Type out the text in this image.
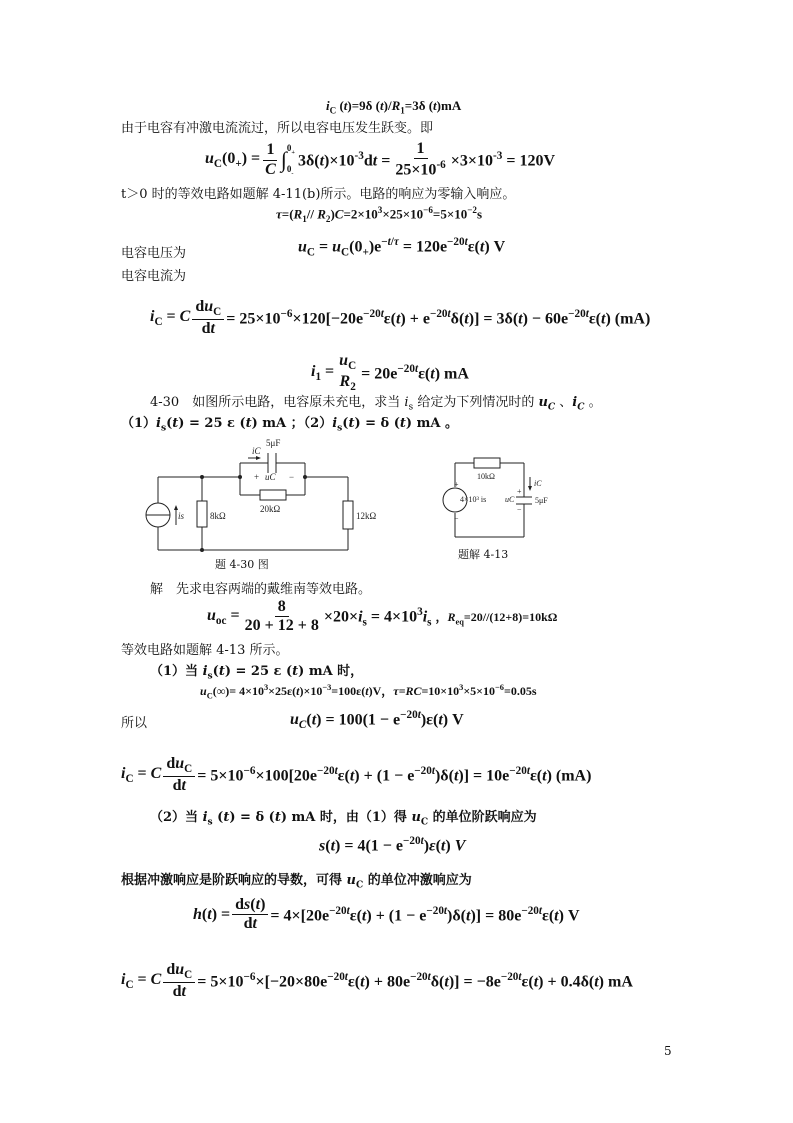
$i_C$ (t)=9δ $(t)/R_1=3\delta$ (t)mA
由于电容有冲激电流流过，所以电容电压发生跃变。即
$u_C(0_+) = \frac{1}{C}$ ∫ $0_+$
$0_-$
$3\delta(t)\times 10^{-3}dt = \frac{1}{25\times 10^{-6}} \times 3\times 10^{-3} = 120V$
t＞0 时的等效电路如题解 4-11(b)所示。电路的响应为零输入响应。
$\tau=(R_1//$ $R_2)C=2\times 10^3\times 25\times 10^{-6}=5\times 10^{-2}s$
电容电压为	$u_C = u_C(0_+)e^{-t/\tau} = 120e^{-20t}\varepsilon(t)$ V
电容电流为
$i_C = C \frac{du_C}{dt} = 25\times 10^{-6}\times 120[-20e^{-20t}\varepsilon(t) + e^{-20t}\delta(t)] = 3\delta(t) - 60e^{-20t}\varepsilon(t)$ (mA)
$i_1$ =
$u_C$
$R_2$
= $20e^{-20t}\varepsilon(t)$ mA
4-30　如图所示电路，电容原未充电，求当 $i_s$ 给定为下列情况时的 $u_C$ 、$i_C$ 。
$(1)i_s(t) = 25$ ε (t) mA ；$(2)i_s(t) = \delta$ (t) mA 。
5μF
iC
+ uC −
20kΩ
8kΩ	12kΩ
is
题 4-30 图
10kΩ
4×10³ is
iC
uC	5μF
+
−
+
−
题解 4-13
解　先求电容两端的戴维南等效电路。
$u_{oc} = \frac{8}{20 + 12 + 8} \times 20\times i_s = 4\times 10^3i_s$ ，$R_{eq}=20//(12+8)=10k\Omega$
等效电路如题解 4-13 所示。
（1）当 $i_s(t) = 25$ ε (t) mA 时，
$u_C(\infty)= 4\times 10^3\times 25\varepsilon(t)\times 10^{-3}=100\varepsilon(t)V$，$\tau=RC=10\times 10^3\times 5\times 10^{-6}=0.05s$
所以	$u_C(t) = 100(1 - e^{-20t})\varepsilon(t)$ V
$i_C = C \frac{du_C}{dt} = 5\times 10^{-6}\times 100[20e^{-20t}\varepsilon(t) + (1 - e^{-20t})\delta(t)] = 10e^{-20t}\varepsilon(t)$ (mA)
（2）当 $i_s$ (t) = δ (t) mA 时，由（1）得 $u_C$ 的单位阶跃响应为
$s(t) = 4(1 - e^{-20t})\varepsilon(t)$ V
根据冲激响应是阶跃响应的导数，可得 $u_C$ 的单位冲激响应为
$h(t) = \frac{ds(t)}{dt} = 4\times[20e^{-20t}\varepsilon(t) + (1 - e^{-20t})\delta(t)] = 80e^{-20t}\varepsilon(t)$ V
$i_C = C \frac{du_C}{dt} = 5\times 10^{-6}\times[-20\times 80e^{-20t}\varepsilon(t) + 80e^{-20t}\delta(t)] = -8e^{-20t}\varepsilon(t) + 0.4\delta(t)$ mA
5
